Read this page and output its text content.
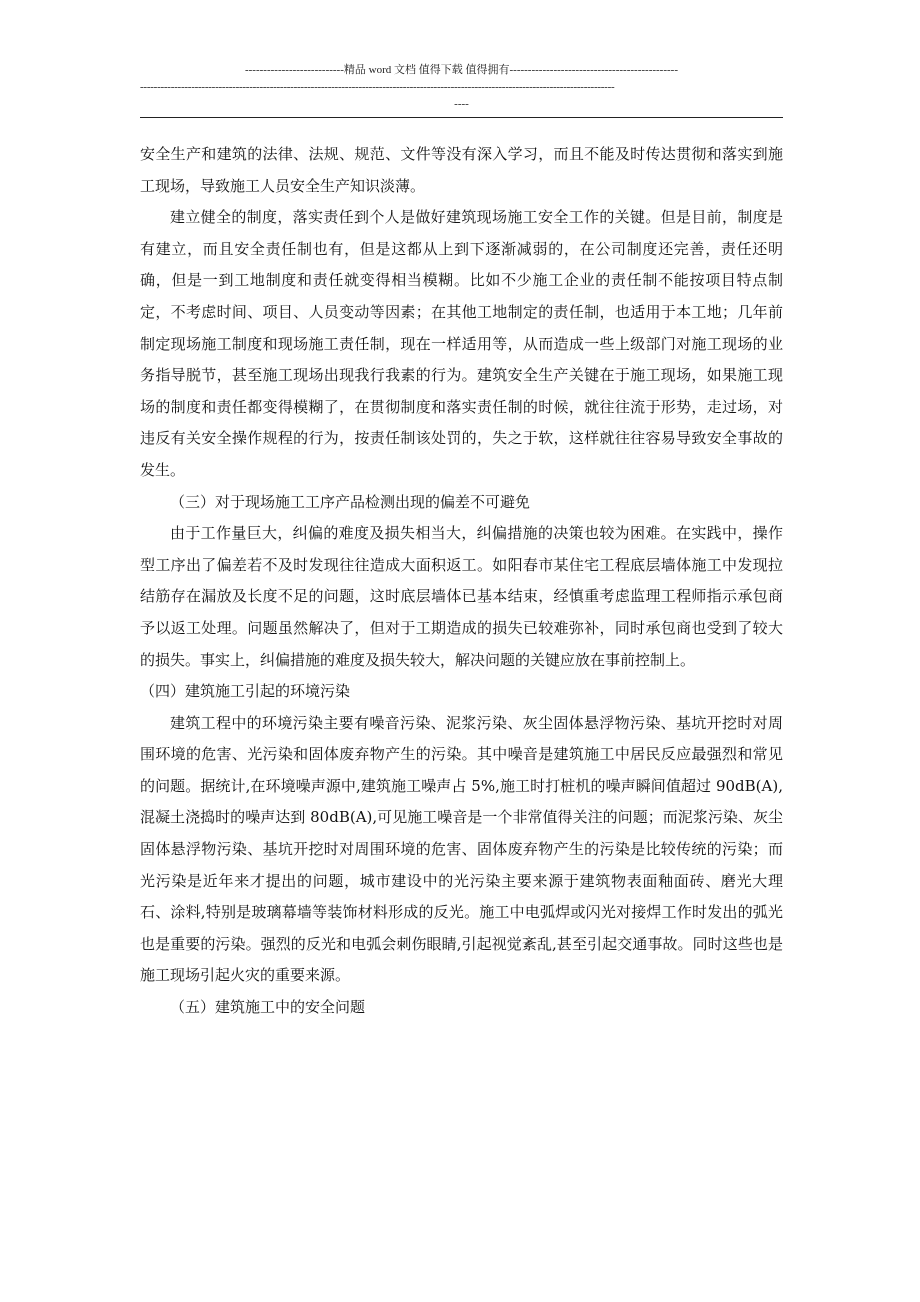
---------------------------精品 word 文档 值得下载 值得拥有----------------------------------------------
-------------------------------------------------------------------------------------------------------------------------------------------
----

安全生产和建筑的法律、法规、规范、文件等没有深入学习，而且不能及时传达贯彻和落实到施工现场，导致施工人员安全生产知识淡薄。

建立健全的制度，落实责任到个人是做好建筑现场施工安全工作的关键。但是目前，制度是有建立，而且安全责任制也有，但是这都从上到下逐渐减弱的，在公司制度还完善，责任还明确，但是一到工地制度和责任就变得相当模糊。比如不少施工企业的责任制不能按项目特点制定，不考虑时间、项目、人员变动等因素；在其他工地制定的责任制，也适用于本工地；几年前制定现场施工制度和现场施工责任制，现在一样适用等，从而造成一些上级部门对施工现场的业务指导脱节，甚至施工现场出现我行我素的行为。建筑安全生产关键在于施工现场，如果施工现场的制度和责任都变得模糊了，在贯彻制度和落实责任制的时候，就往往流于形势，走过场，对违反有关安全操作规程的行为，按责任制该处罚的，失之于软，这样就往往容易导致安全事故的发生。

（三）对于现场施工工序产品检测出现的偏差不可避免

由于工作量巨大，纠偏的难度及损失相当大，纠偏措施的决策也较为困难。在实践中，操作型工序出了偏差若不及时发现往往造成大面积返工。如阳春市某住宅工程底层墙体施工中发现拉结筋存在漏放及长度不足的问题，这时底层墙体已基本结束，经慎重考虑监理工程师指示承包商予以返工处理。问题虽然解决了，但对于工期造成的损失已较难弥补，同时承包商也受到了较大的损失。事实上，纠偏措施的难度及损失较大，解决问题的关键应放在事前控制上。

（四）建筑施工引起的环境污染

建筑工程中的环境污染主要有噪音污染、泥浆污染、灰尘固体悬浮物污染、基坑开挖时对周围环境的危害、光污染和固体废弃物产生的污染。其中噪音是建筑施工中居民反应最强烈和常见的问题。据统计,在环境噪声源中,建筑施工噪声占 5%,施工时打桩机的噪声瞬间值超过 90dB(A),混凝土浇捣时的噪声达到 80dB(A),可见施工噪音是一个非常值得关注的问题；而泥浆污染、灰尘固体悬浮物污染、基坑开挖时对周围环境的危害、固体废弃物产生的污染是比较传统的污染；而光污染是近年来才提出的问题，城市建设中的光污染主要来源于建筑物表面釉面砖、磨光大理石、涂料,特别是玻璃幕墙等装饰材料形成的反光。施工中电弧焊或闪光对接焊工作时发出的弧光也是重要的污染。强烈的反光和电弧会刺伤眼睛,引起视觉紊乱,甚至引起交通事故。同时这些也是施工现场引起火灾的重要来源。

（五）建筑施工中的安全问题
